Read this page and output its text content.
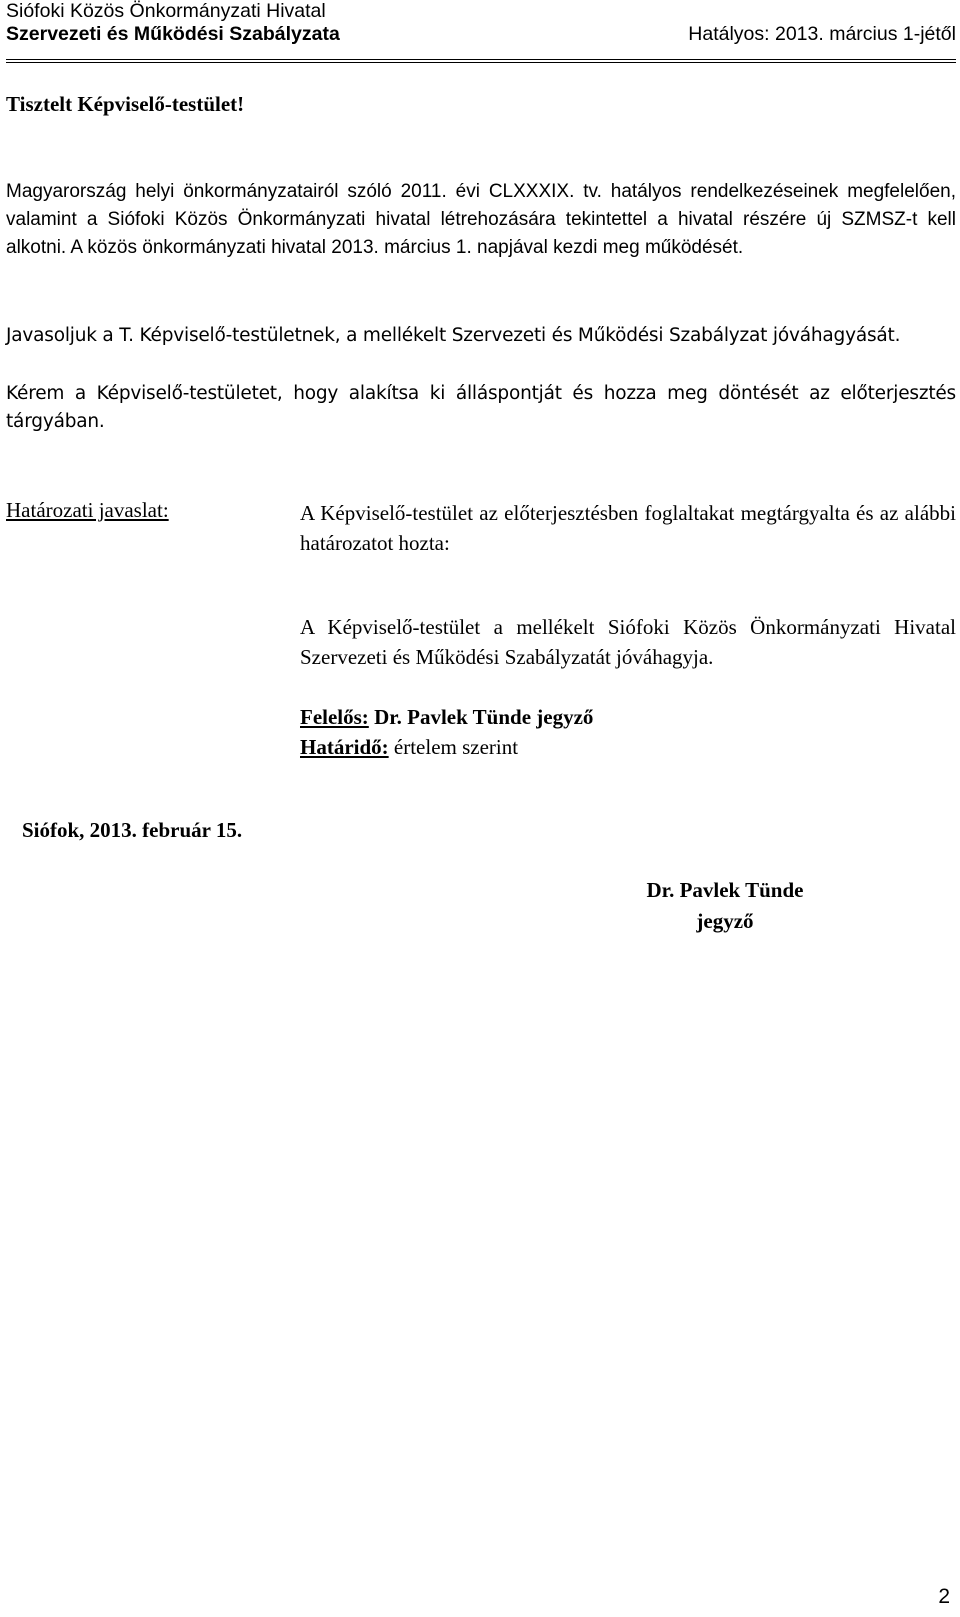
Siófoki Közös Önkormányzati Hivatal
Szervezeti és Működési Szabályzata	Hatályos: 2013. március 1-jétől
Tisztelt Képviselő-testület!
Magyarország helyi önkormányzatairól szóló 2011. évi CLXXXIX. tv. hatályos rendelkezéseinek megfelelően, valamint a Siófoki Közös Önkormányzati hivatal létrehozására tekintettel a hivatal részére új SZMSZ-t kell alkotni. A közös önkormányzati hivatal 2013. március 1. napjával kezdi meg működését.
Javasoljuk a T. Képviselő-testületnek, a mellékelt Szervezeti és Működési Szabályzat jóváhagyását.
Kérem a Képviselő-testületet, hogy alakítsa ki álláspontját és hozza meg döntését az előterjesztés tárgyában.
Határozati javaslat:	A Képviselő-testület az előterjesztésben foglaltakat megtárgyalta és az alábbi határozatot hozta:
A Képviselő-testület a mellékelt Siófoki Közös Önkormányzati Hivatal Szervezeti és Működési Szabályzatát jóváhagyja.
Felelős: Dr. Pavlek Tünde jegyző
Határidő: értelem szerint
Siófok, 2013. február 15.
Dr. Pavlek Tünde
jegyző
2
